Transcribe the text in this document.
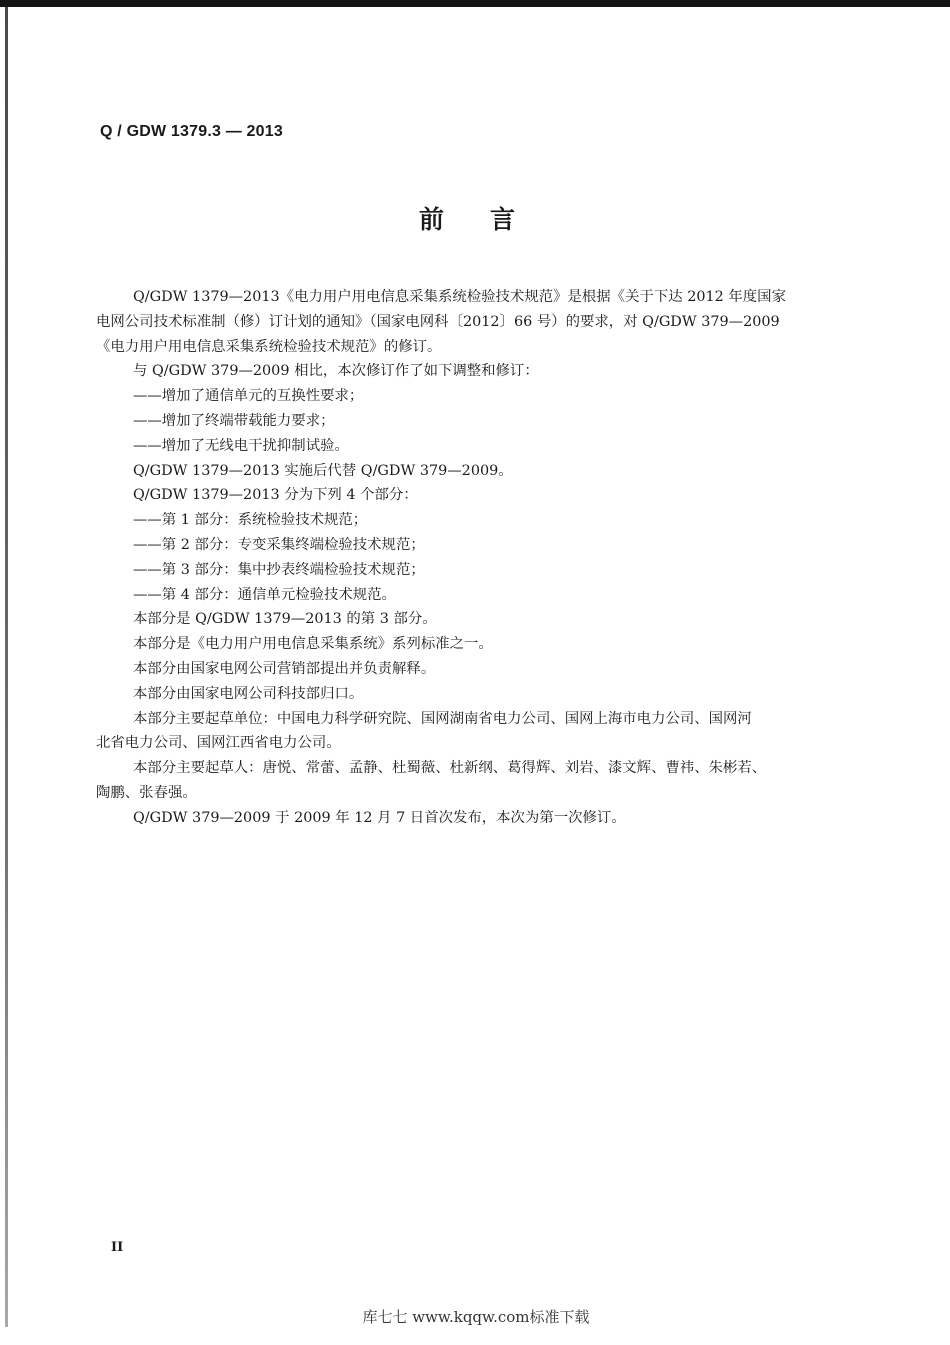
Q / GDW 1379.3 — 2013
前言

Q/GDW 1379—2013《电力用户用电信息采集系统检验技术规范》是根据《关于下达 2012 年度国家

电网公司技术标准制（修）订计划的通知》（国家电网科〔2012〕66 号）的要求，对 Q/GDW 379—2009

《电力用户用电信息采集系统检验技术规范》的修订。

与 Q/GDW 379—2009 相比，本次修订作了如下调整和修订：

——增加了通信单元的互换性要求；

——增加了终端带载能力要求；

——增加了无线电干扰抑制试验。

Q/GDW 1379—2013 实施后代替 Q/GDW 379—2009。

Q/GDW 1379—2013 分为下列 4 个部分：

——第 1 部分：系统检验技术规范；

——第 2 部分：专变采集终端检验技术规范；

——第 3 部分：集中抄表终端检验技术规范；

——第 4 部分：通信单元检验技术规范。

本部分是 Q/GDW 1379—2013 的第 3 部分。

本部分是《电力用户用电信息采集系统》系列标准之一。

本部分由国家电网公司营销部提出并负责解释。

本部分由国家电网公司科技部归口。

本部分主要起草单位：中国电力科学研究院、国网湖南省电力公司、国网上海市电力公司、国网河

北省电力公司、国网江西省电力公司。

本部分主要起草人：唐悦、常蕾、孟静、杜蜀薇、杜新纲、葛得辉、刘岩、漆文辉、曹祎、朱彬若、

陶鹏、张春强。

Q/GDW 379—2009 于 2009 年 12 月 7 日首次发布，本次为第一次修订。

II
库七七 www.kqqw.com标准下载
